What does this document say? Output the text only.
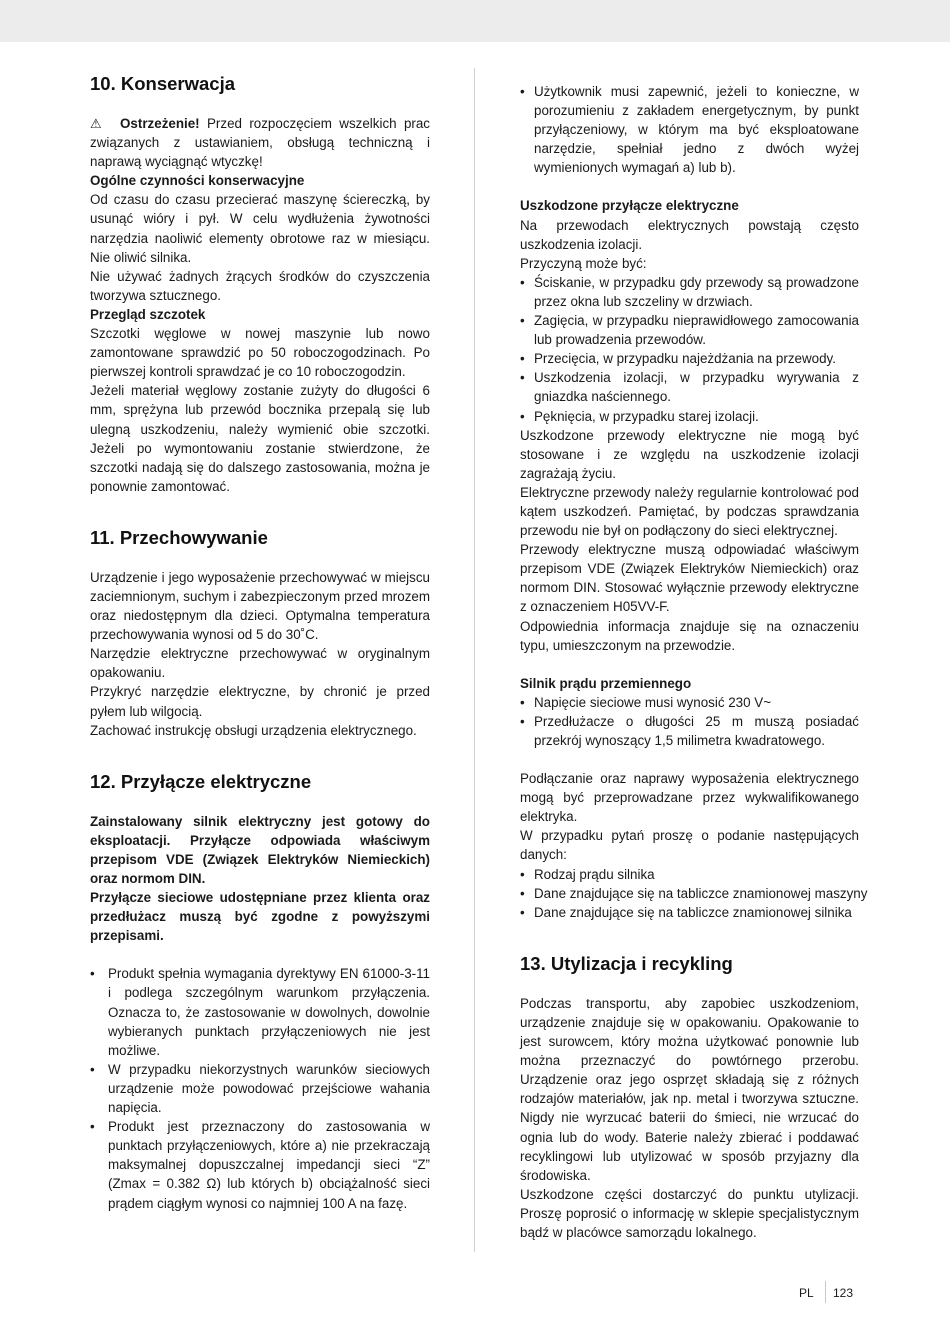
10. Konserwacja

⚠ Ostrzeżenie! Przed rozpoczęciem wszelkich prac związanych z ustawianiem, obsługą techniczną i naprawą wyciągnąć wtyczkę!

Ogólne czynności konserwacyjne

Od czasu do czasu przecierać maszynę ściereczką, by usunąć wióry i pył. W celu wydłużenia żywotności narzędzia naoliwić elementy obrotowe raz w miesiącu. Nie oliwić silnika.

Nie używać żadnych żrących środków do czyszczenia tworzywa sztucznego.

Przegląd szczotek

Szczotki węglowe w nowej maszynie lub nowo zamontowane sprawdzić po 50 roboczogodzinach. Po pierwszej kontroli sprawdzać je co 10 roboczogodzin.

Jeżeli materiał węglowy zostanie zużyty do długości 6 mm, sprężyna lub przewód bocznika przepalą się lub ulegną uszkodzeniu, należy wymienić obie szczotki. Jeżeli po wymontowaniu zostanie stwierdzone, że szczotki nadają się do dalszego zastosowania, można je ponownie zamontować.

11. Przechowywanie

Urządzenie i jego wyposażenie przechowywać w miejscu zaciemnionym, suchym i zabezpieczonym przed mrozem oraz niedostępnym dla dzieci. Optymalna temperatura przechowywania wynosi od 5 do 30˚C.

Narzędzie elektryczne przechowywać w oryginalnym opakowaniu.

Przykryć narzędzie elektryczne, by chronić je przed pyłem lub wilgocią.

Zachować instrukcję obsługi urządzenia elektrycznego.

12. Przyłącze elektryczne

Zainstalowany silnik elektryczny jest gotowy do eksploatacji. Przyłącze odpowiada właściwym przepisom VDE (Związek Elektryków Niemieckich) oraz normom DIN.

Przyłącze sieciowe udostępniane przez klienta oraz przedłużacz muszą być zgodne z powyższymi przepisami.

• Produkt spełnia wymagania dyrektywy EN 61000-3-11 i podlega szczególnym warunkom przyłączenia. Oznacza to, że zastosowanie w dowolnych, dowolnie wybieranych punktach przyłączeniowych nie jest możliwe.
• W przypadku niekorzystnych warunków sieciowych urządzenie może powodować przejściowe wahania napięcia.
• Produkt jest przeznaczony do zastosowania w punktach przyłączeniowych, które a) nie przekraczają maksymalnej dopuszczalnej impedancji sieci “Z” (Zmax = 0.382 Ω) lub których b) obciążalność sieci prądem ciągłym wynosi co najmniej 100 A na fazę.
• Użytkownik musi zapewnić, jeżeli to konieczne, w porozumieniu z zakładem energetycznym, by punkt przyłączeniowy, w którym ma być eksploatowane narzędzie, spełniał jedno z dwóch wyżej wymienionych wymagań a) lub b).

Uszkodzone przyłącze elektryczne

Na przewodach elektrycznych powstają często uszkodzenia izolacji.

Przyczyną może być:

• Ściskanie, w przypadku gdy przewody są prowadzone przez okna lub szczeliny w drzwiach.
• Zagięcia, w przypadku nieprawidłowego zamocowania lub prowadzenia przewodów.
• Przecięcia, w przypadku najeżdżania na przewody.
• Uszkodzenia izolacji, w przypadku wyrywania z gniazdka naściennego.
• Pęknięcia, w przypadku starej izolacji.

Uszkodzone przewody elektryczne nie mogą być stosowane i ze względu na uszkodzenie izolacji zagrażają życiu.

Elektryczne przewody należy regularnie kontrolować pod kątem uszkodzeń. Pamiętać, by podczas sprawdzania przewodu nie był on podłączony do sieci elektrycznej.

Przewody elektryczne muszą odpowiadać właściwym przepisom VDE (Związek Elektryków Niemieckich) oraz normom DIN. Stosować wyłącznie przewody elektryczne z oznaczeniem H05VV-F.

Odpowiednia informacja znajduje się na oznaczeniu typu, umieszczonym na przewodzie.

Silnik prądu przemiennego

• Napięcie sieciowe musi wynosić 230 V~
• Przedłużacze o długości 25 m muszą posiadać przekrój wynoszący 1,5 milimetra kwadratowego.

Podłączanie oraz naprawy wyposażenia elektrycznego mogą być przeprowadzane przez wykwalifikowanego elektryka.

W przypadku pytań proszę o podanie następujących danych:

• Rodzaj prądu silnika
• Dane znajdujące się na tabliczce znamionowej maszyny
• Dane znajdujące się na tabliczce znamionowej silnika
13. Utylizacja i recykling

Podczas transportu, aby zapobiec uszkodzeniom, urządzenie znajduje się w opakowaniu. Opakowanie to jest surowcem, który można użytkować ponownie lub można przeznaczyć do powtórnego przerobu. Urządzenie oraz jego osprzęt składają się z różnych rodzajów materiałów, jak np. metal i tworzywa sztuczne. Nigdy nie wyrzucać baterii do śmieci, nie wrzucać do ognia lub do wody. Baterie należy zbierać i poddawać recyklingowi lub utylizować w sposób przyjazny dla środowiska.

Uszkodzone części dostarczyć do punktu utylizacji. Proszę poprosić o informację w sklepie specjalistycznym bądź w placówce samorządu lokalnego.

PL 123
